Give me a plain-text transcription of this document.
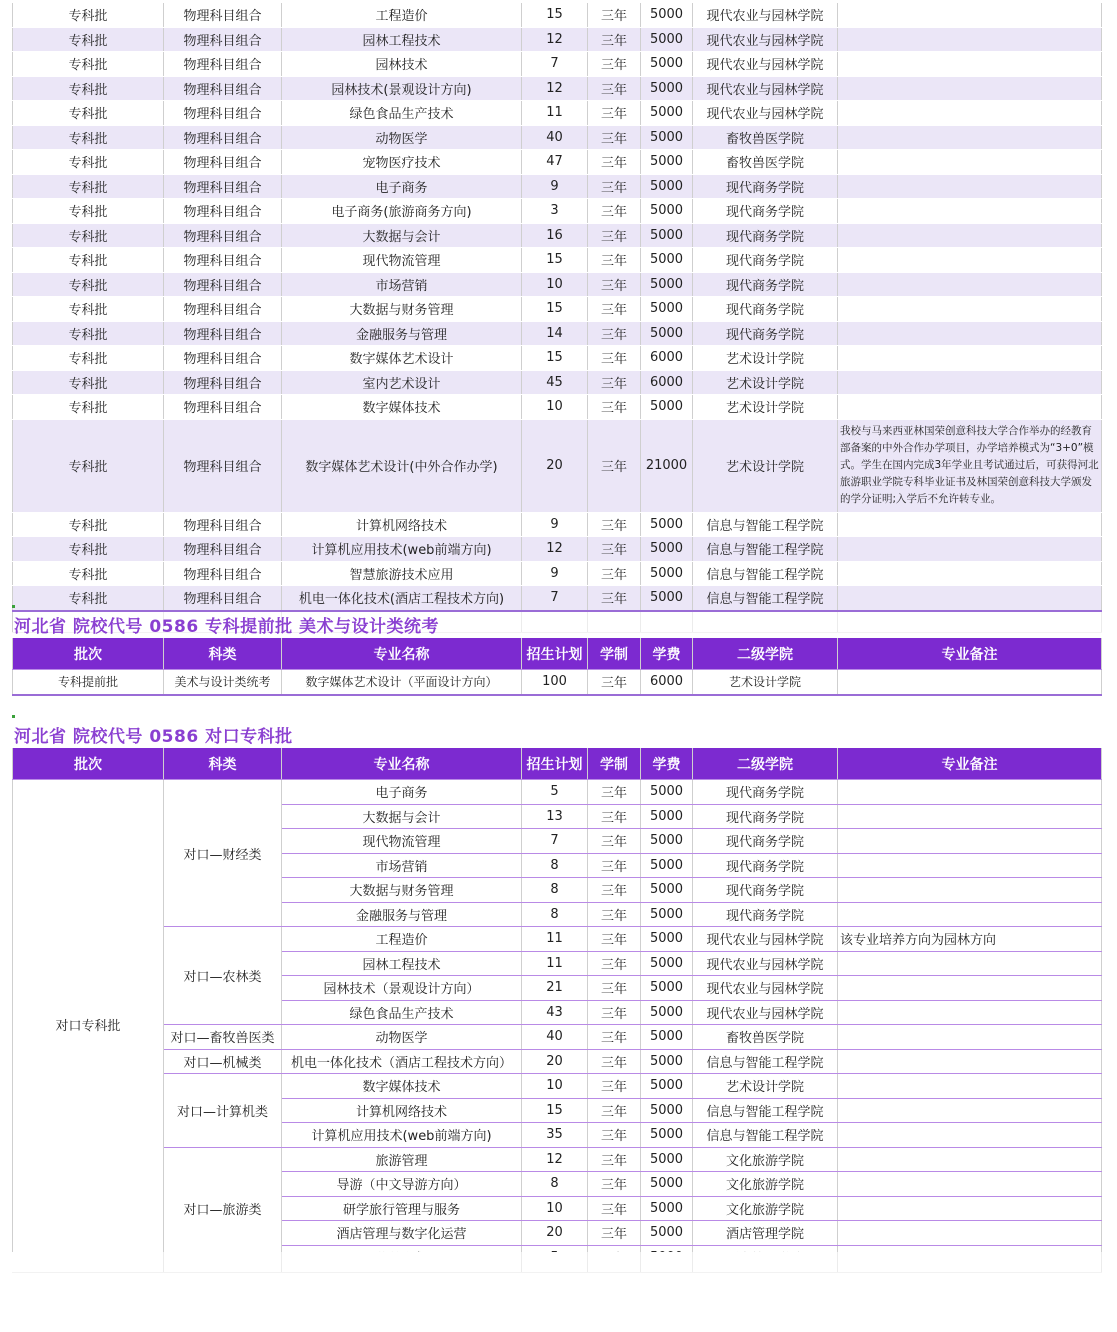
专科批	物理科目组合	工程造价	15	三年	5000	现代农业与园林学院	
专科批	物理科目组合	园林工程技术	12	三年	5000	现代农业与园林学院	
专科批	物理科目组合	园林技术	7	三年	5000	现代农业与园林学院	
专科批	物理科目组合	园林技术(景观设计方向)	12	三年	5000	现代农业与园林学院	
专科批	物理科目组合	绿色食品生产技术	11	三年	5000	现代农业与园林学院	
专科批	物理科目组合	动物医学	40	三年	5000	畜牧兽医学院	
专科批	物理科目组合	宠物医疗技术	47	三年	5000	畜牧兽医学院	
专科批	物理科目组合	电子商务	9	三年	5000	现代商务学院	
专科批	物理科目组合	电子商务(旅游商务方向)	3	三年	5000	现代商务学院	
专科批	物理科目组合	大数据与会计	16	三年	5000	现代商务学院	
专科批	物理科目组合	现代物流管理	15	三年	5000	现代商务学院	
专科批	物理科目组合	市场营销	10	三年	5000	现代商务学院	
专科批	物理科目组合	大数据与财务管理	15	三年	5000	现代商务学院	
专科批	物理科目组合	金融服务与管理	14	三年	5000	现代商务学院	
专科批	物理科目组合	数字媒体艺术设计	15	三年	6000	艺术设计学院	
专科批	物理科目组合	室内艺术设计	45	三年	6000	艺术设计学院	
专科批	物理科目组合	数字媒体技术	10	三年	5000	艺术设计学院	
专科批	物理科目组合	数字媒体艺术设计(中外合作办学)	20	三年	21000	艺术设计学院	我校与马来西亚林国荣创意科技大学合作举办的经教育部备案的中外合作办学项目，办学培养模式为“3+0”模式。学生在国内完成3年学业且考试通过后，可获得河北旅游职业学院专科毕业证书及林国荣创意科技大学颁发的学分证明;入学后不允许转专业。
专科批	物理科目组合	计算机网络技术	9	三年	5000	信息与智能工程学院	
专科批	物理科目组合	计算机应用技术(web前端方向)	12	三年	5000	信息与智能工程学院	
专科批	物理科目组合	智慧旅游技术应用	9	三年	5000	信息与智能工程学院	
专科批	物理科目组合	机电一体化技术(酒店工程技术方向)	7	三年	5000	信息与智能工程学院	

河北省 院校代号 0586 专科提前批 美术与设计类统考
批次	科类	专业名称	招生计划	学制	学费	二级学院	专业备注
专科提前批	美术与设计类统考	数字媒体艺术设计（平面设计方向）	100	三年	6000	艺术设计学院	
河北省 院校代号 0586 对口专科批
批次	科类	专业名称	招生计划	学制	学费	二级学院	专业备注
对口专科批	对口—财经类	电子商务	5	三年	5000	现代商务学院	
		大数据与会计	13	三年	5000	现代商务学院	
		现代物流管理	7	三年	5000	现代商务学院	
		市场营销	8	三年	5000	现代商务学院	
		大数据与财务管理	8	三年	5000	现代商务学院	
		金融服务与管理	8	三年	5000	现代商务学院	
	对口—农林类	工程造价	11	三年	5000	现代农业与园林学院	该专业培养方向为园林方向
		园林工程技术	11	三年	5000	现代农业与园林学院	
		园林技术（景观设计方向）	21	三年	5000	现代农业与园林学院	
		绿色食品生产技术	43	三年	5000	现代农业与园林学院	
	对口—畜牧兽医类	动物医学	40	三年	5000	畜牧兽医学院	
	对口—机械类	机电一体化技术（酒店工程技术方向）	20	三年	5000	信息与智能工程学院	
	对口—计算机类	数字媒体技术	10	三年	5000	艺术设计学院	
		计算机网络技术	15	三年	5000	信息与智能工程学院	
		计算机应用技术(web前端方向)	35	三年	5000	信息与智能工程学院	
	对口—旅游类	旅游管理	12	三年	5000	文化旅游学院	
		导游（中文导游方向）	8	三年	5000	文化旅游学院	
		研学旅行管理与服务	10	三年	5000	文化旅游学院	
		酒店管理与数字化运营	20	三年	5000	酒店管理学院	
